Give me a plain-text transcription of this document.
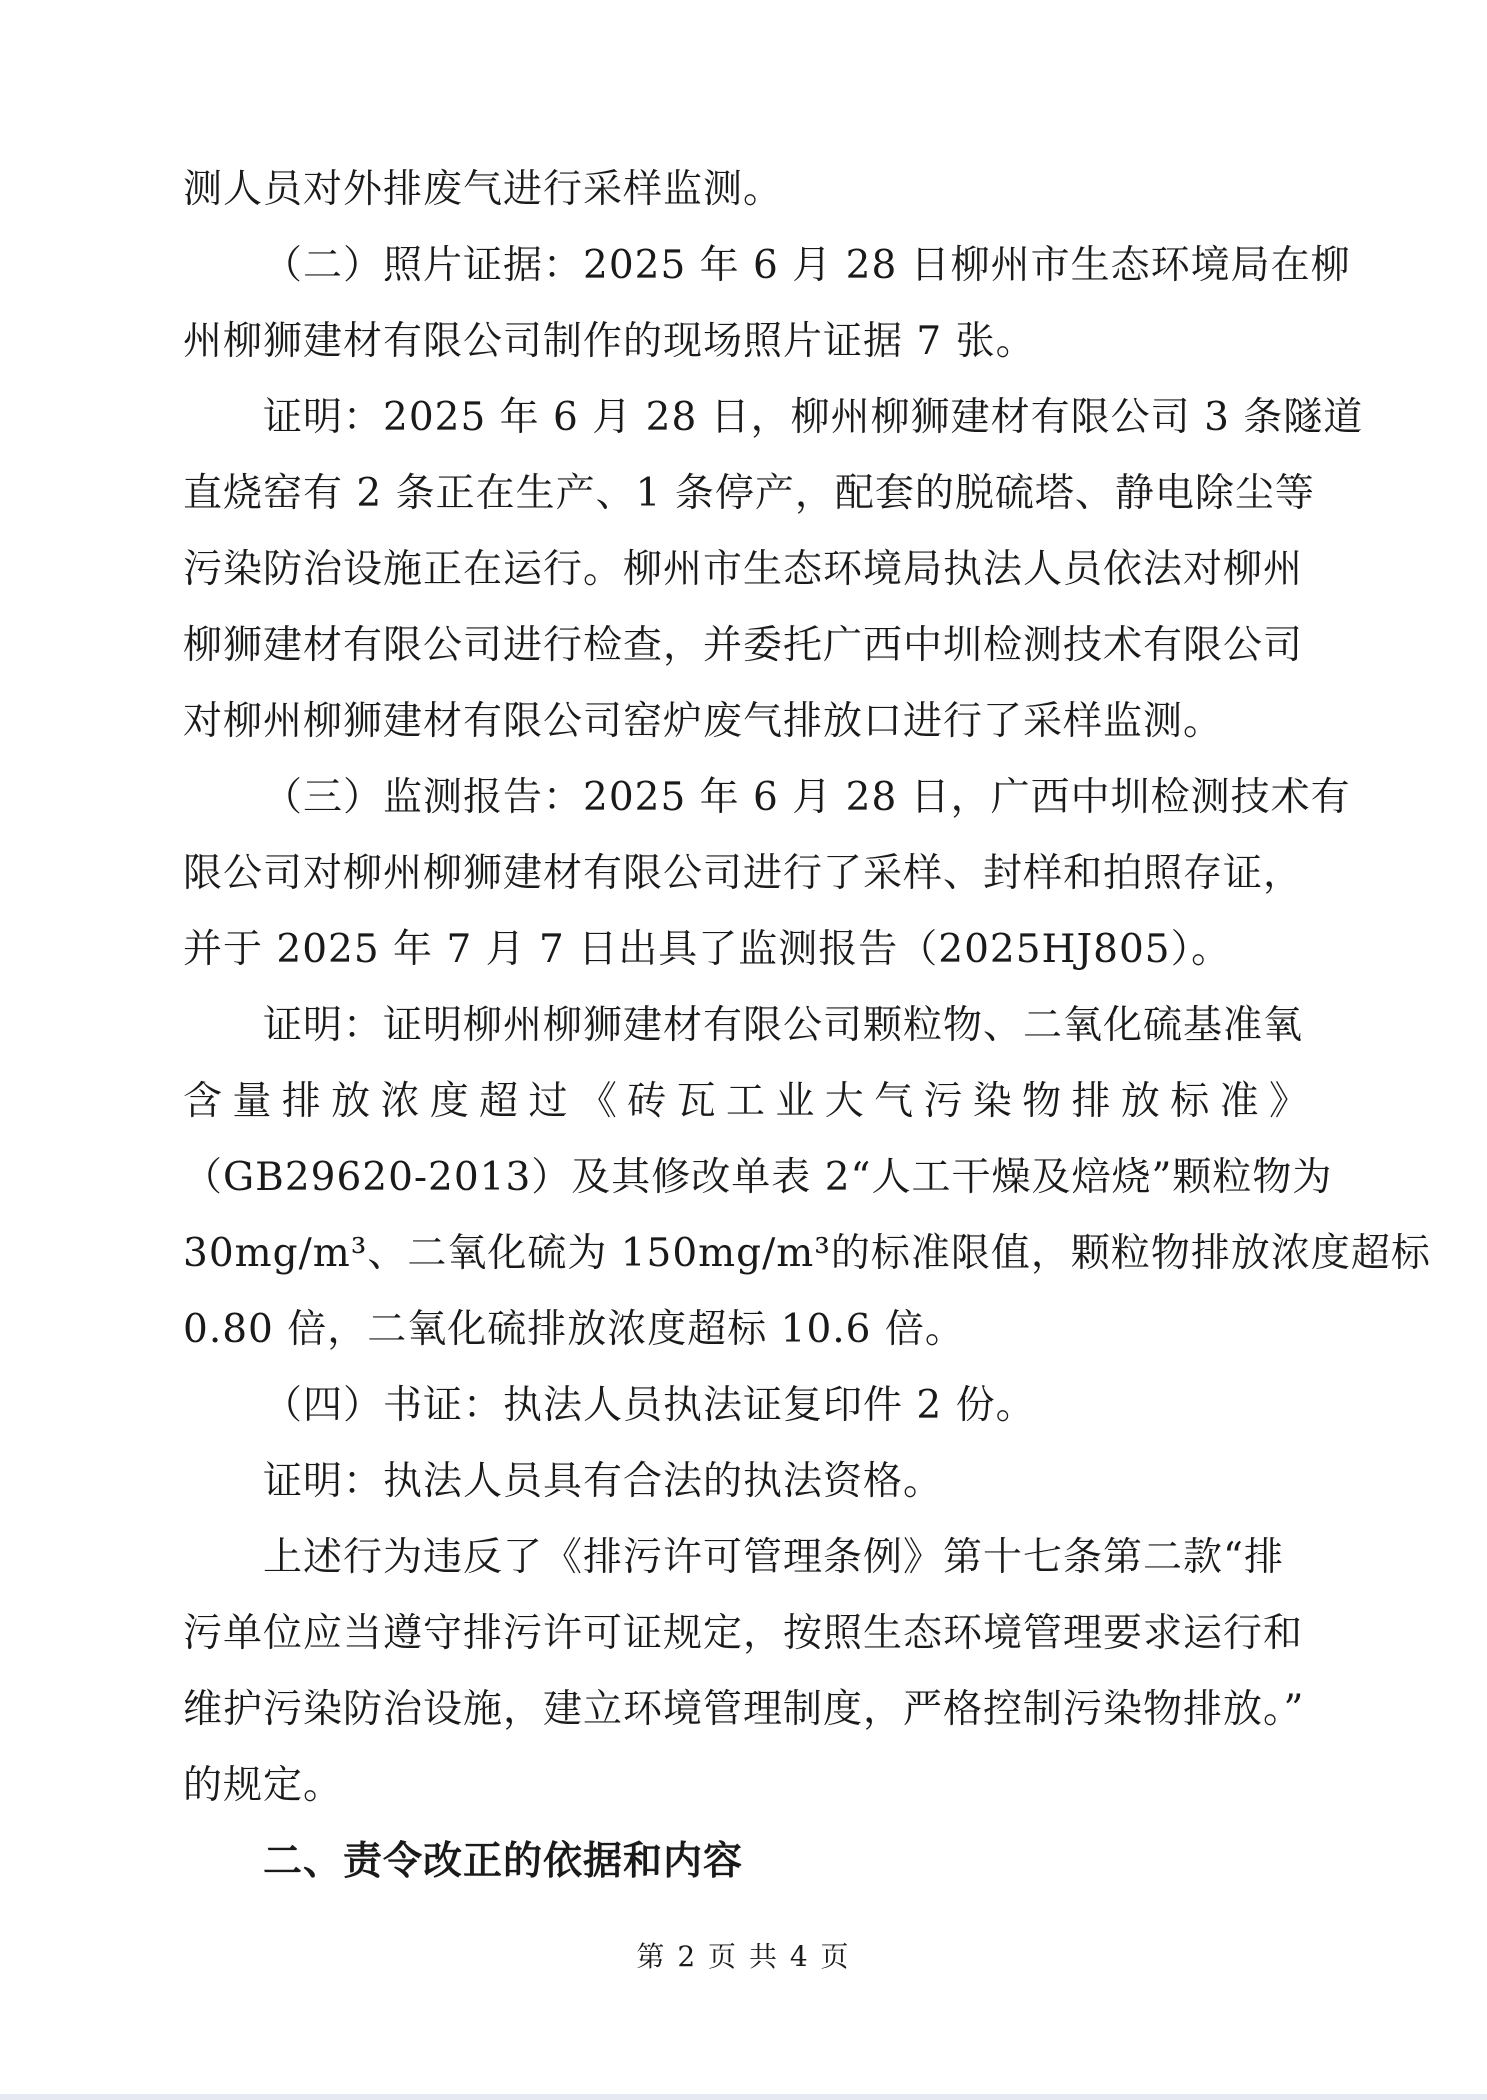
测人员对外排废气进行采样监测。
（二）照片证据：2025 年 6 月 28 日柳州市生态环境局在柳
州柳狮建材有限公司制作的现场照片证据 7 张。
证明：2025 年 6 月 28 日，柳州柳狮建材有限公司 3 条隧道
直烧窑有 2 条正在生产、1 条停产，配套的脱硫塔、静电除尘等
污染防治设施正在运行。柳州市生态环境局执法人员依法对柳州
柳狮建材有限公司进行检查，并委托广西中圳检测技术有限公司
对柳州柳狮建材有限公司窑炉废气排放口进行了采样监测。
（三）监测报告：2025 年 6 月 28 日，广西中圳检测技术有
限公司对柳州柳狮建材有限公司进行了采样、封样和拍照存证，
并于 2025 年 7 月 7 日出具了监测报告（2025HJ805）。
证明：证明柳州柳狮建材有限公司颗粒物、二氧化硫基准氧
含量排放浓度超过《砖瓦工业大气污染物排放标准》
（GB29620-2013）及其修改单表 2“人工干燥及焙烧”颗粒物为
30mg/m³、二氧化硫为 150mg/m³的标准限值，颗粒物排放浓度超标
0.80 倍，二氧化硫排放浓度超标 10.6 倍。
（四）书证：执法人员执法证复印件 2 份。
证明：执法人员具有合法的执法资格。
上述行为违反了《排污许可管理条例》第十七条第二款“排
污单位应当遵守排污许可证规定，按照生态环境管理要求运行和
维护污染防治设施，建立环境管理制度，严格控制污染物排放。”
的规定。
二、责令改正的依据和内容
第 2 页 共 4 页
